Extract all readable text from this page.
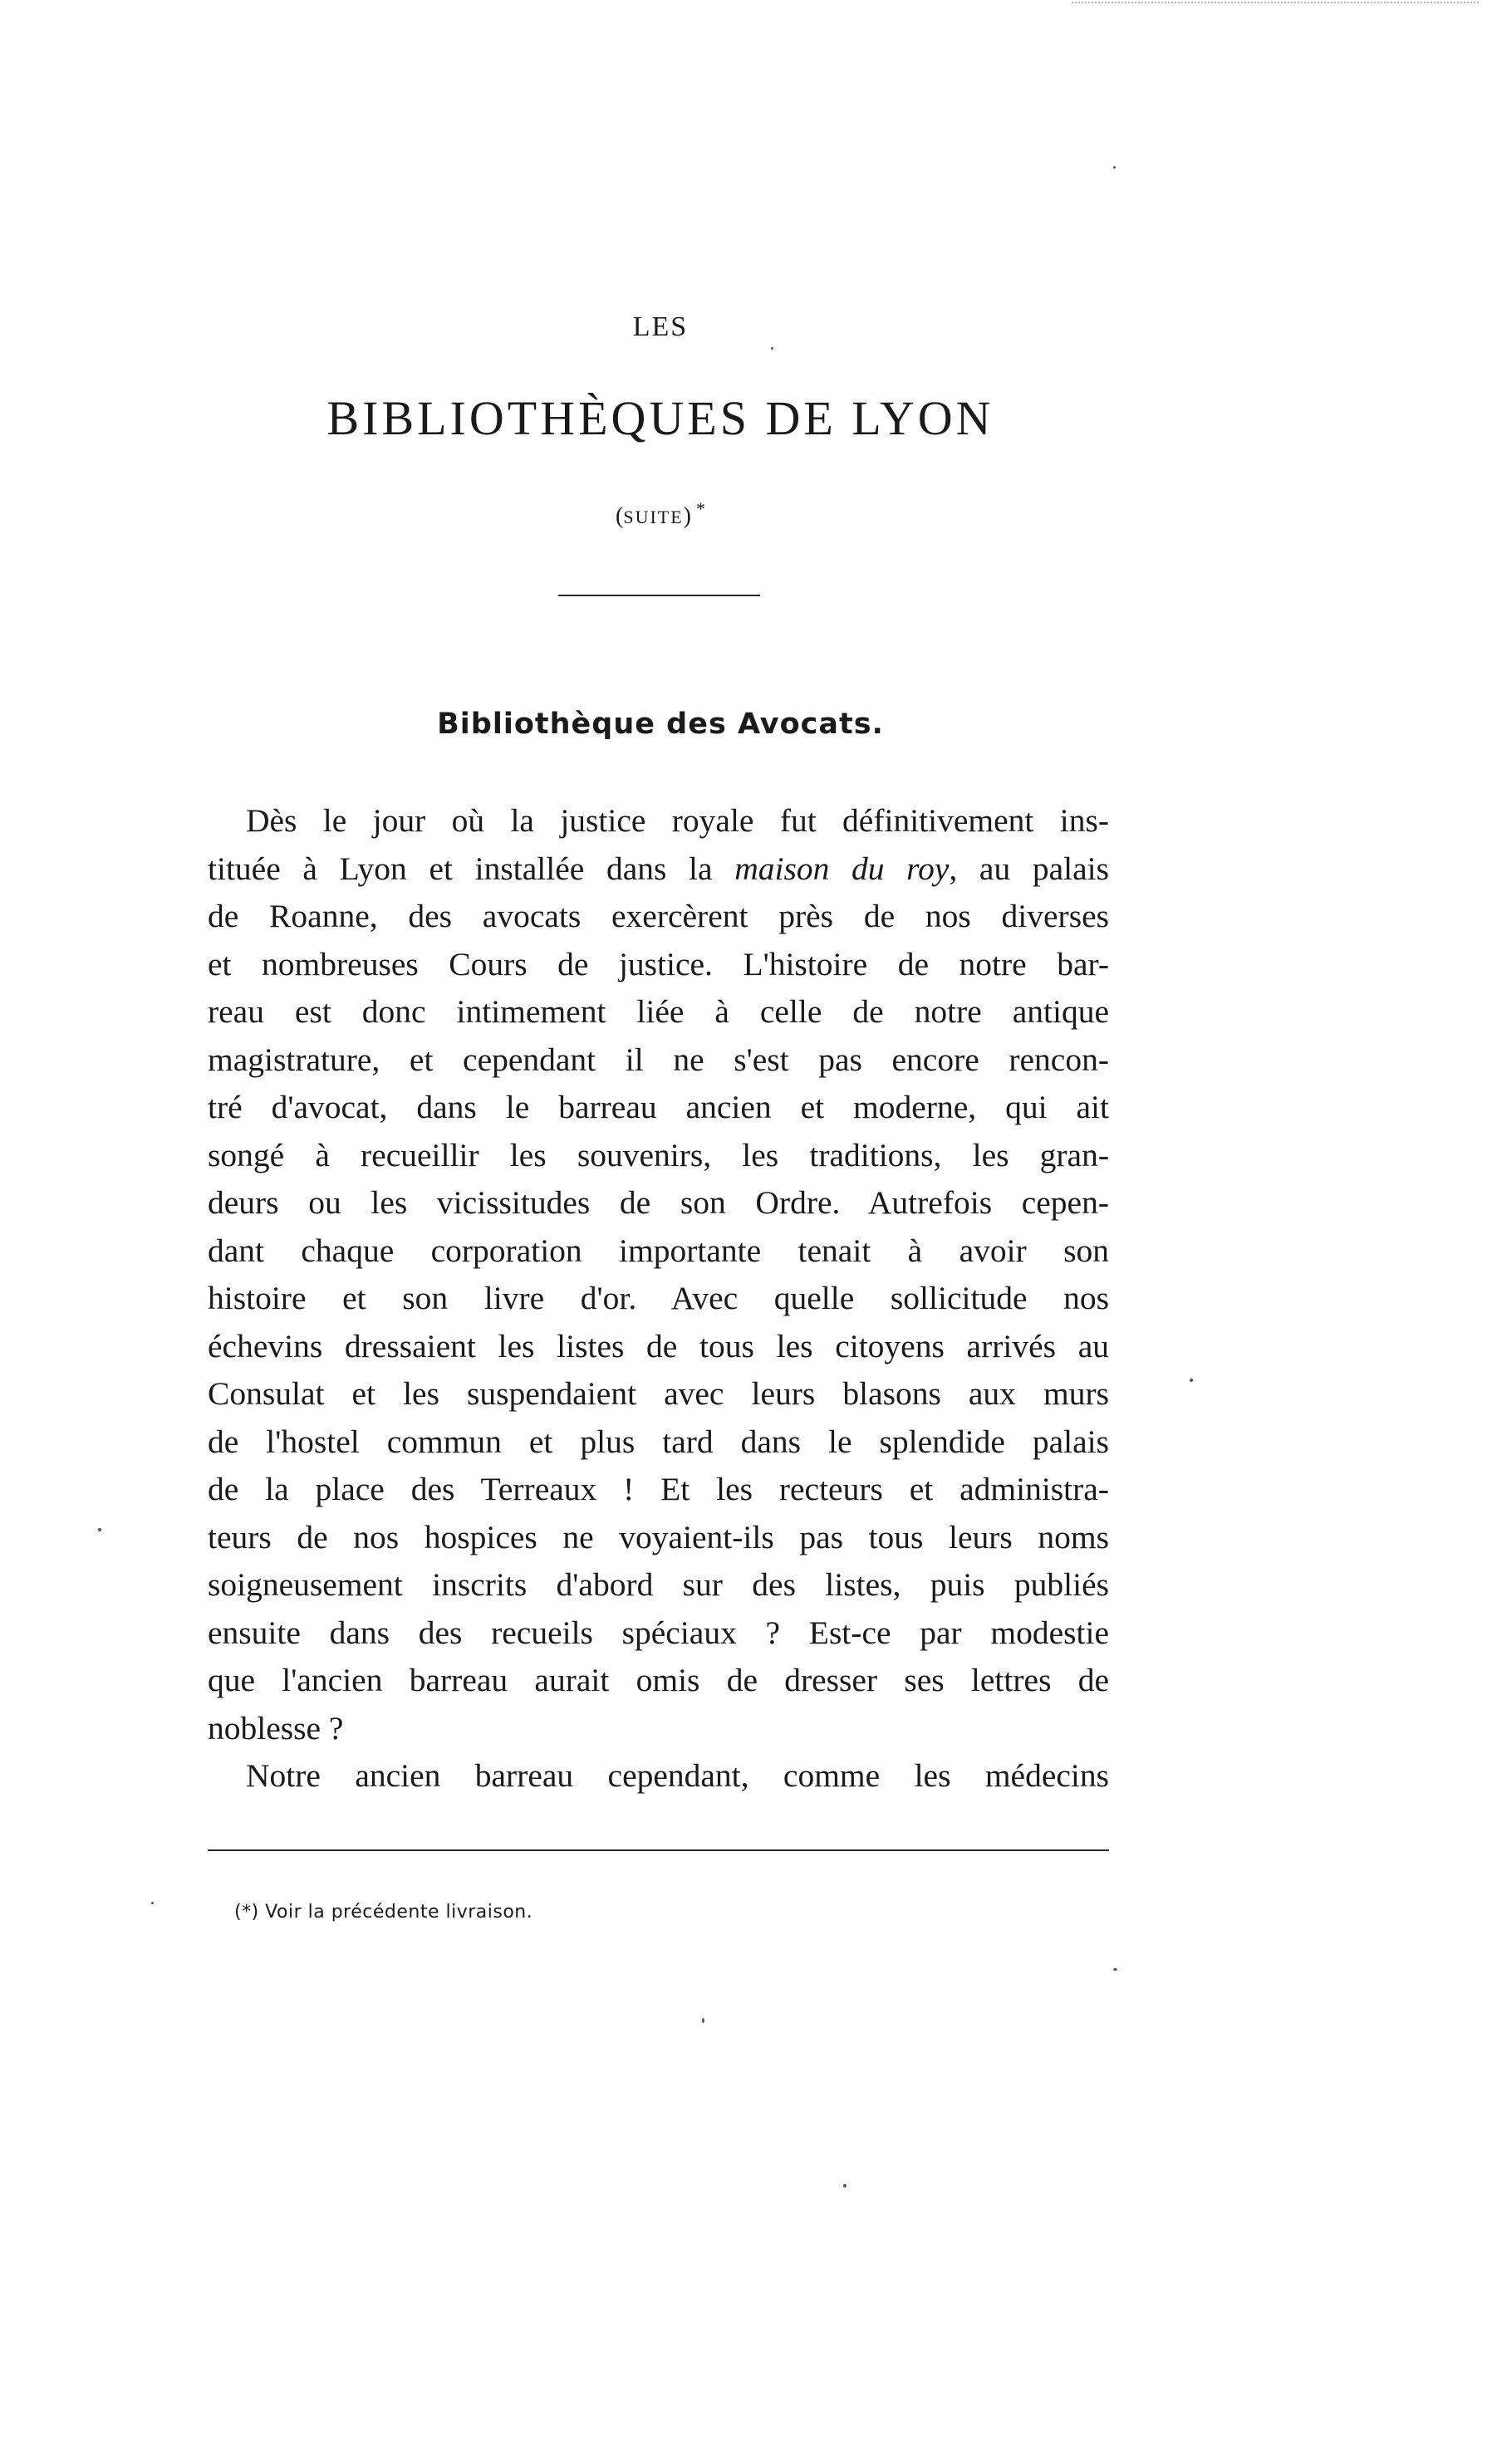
LES
BIBLIOTHÈQUES DE LYON
(SUITE) *
Bibliothèque des Avocats.

Dès le jour où la justice royale fut définitivement ins-
tituée à Lyon et installée dans la maison du roy, au palais
de Roanne, des avocats exercèrent près de nos diverses
et nombreuses Cours de justice. L'histoire de notre bar-
reau est donc intimement liée à celle de notre antique
magistrature, et cependant il ne s'est pas encore rencon-
tré d'avocat, dans le barreau ancien et moderne, qui ait
songé à recueillir les souvenirs, les traditions, les gran-
deurs ou les vicissitudes de son Ordre. Autrefois cepen-
dant chaque corporation importante tenait à avoir son
histoire et son livre d'or. Avec quelle sollicitude nos
échevins dressaient les listes de tous les citoyens arrivés au
Consulat et les suspendaient avec leurs blasons aux murs
de l'hostel commun et plus tard dans le splendide palais
de la place des Terreaux ! Et les recteurs et administra-
teurs de nos hospices ne voyaient-ils pas tous leurs noms
soigneusement inscrits d'abord sur des listes, puis publiés
ensuite dans des recueils spéciaux ? Est-ce par modestie
que l'ancien barreau aurait omis de dresser ses lettres de
noblesse ?

Notre ancien barreau cependant, comme les médecins

(*) Voir la précédente livraison.
